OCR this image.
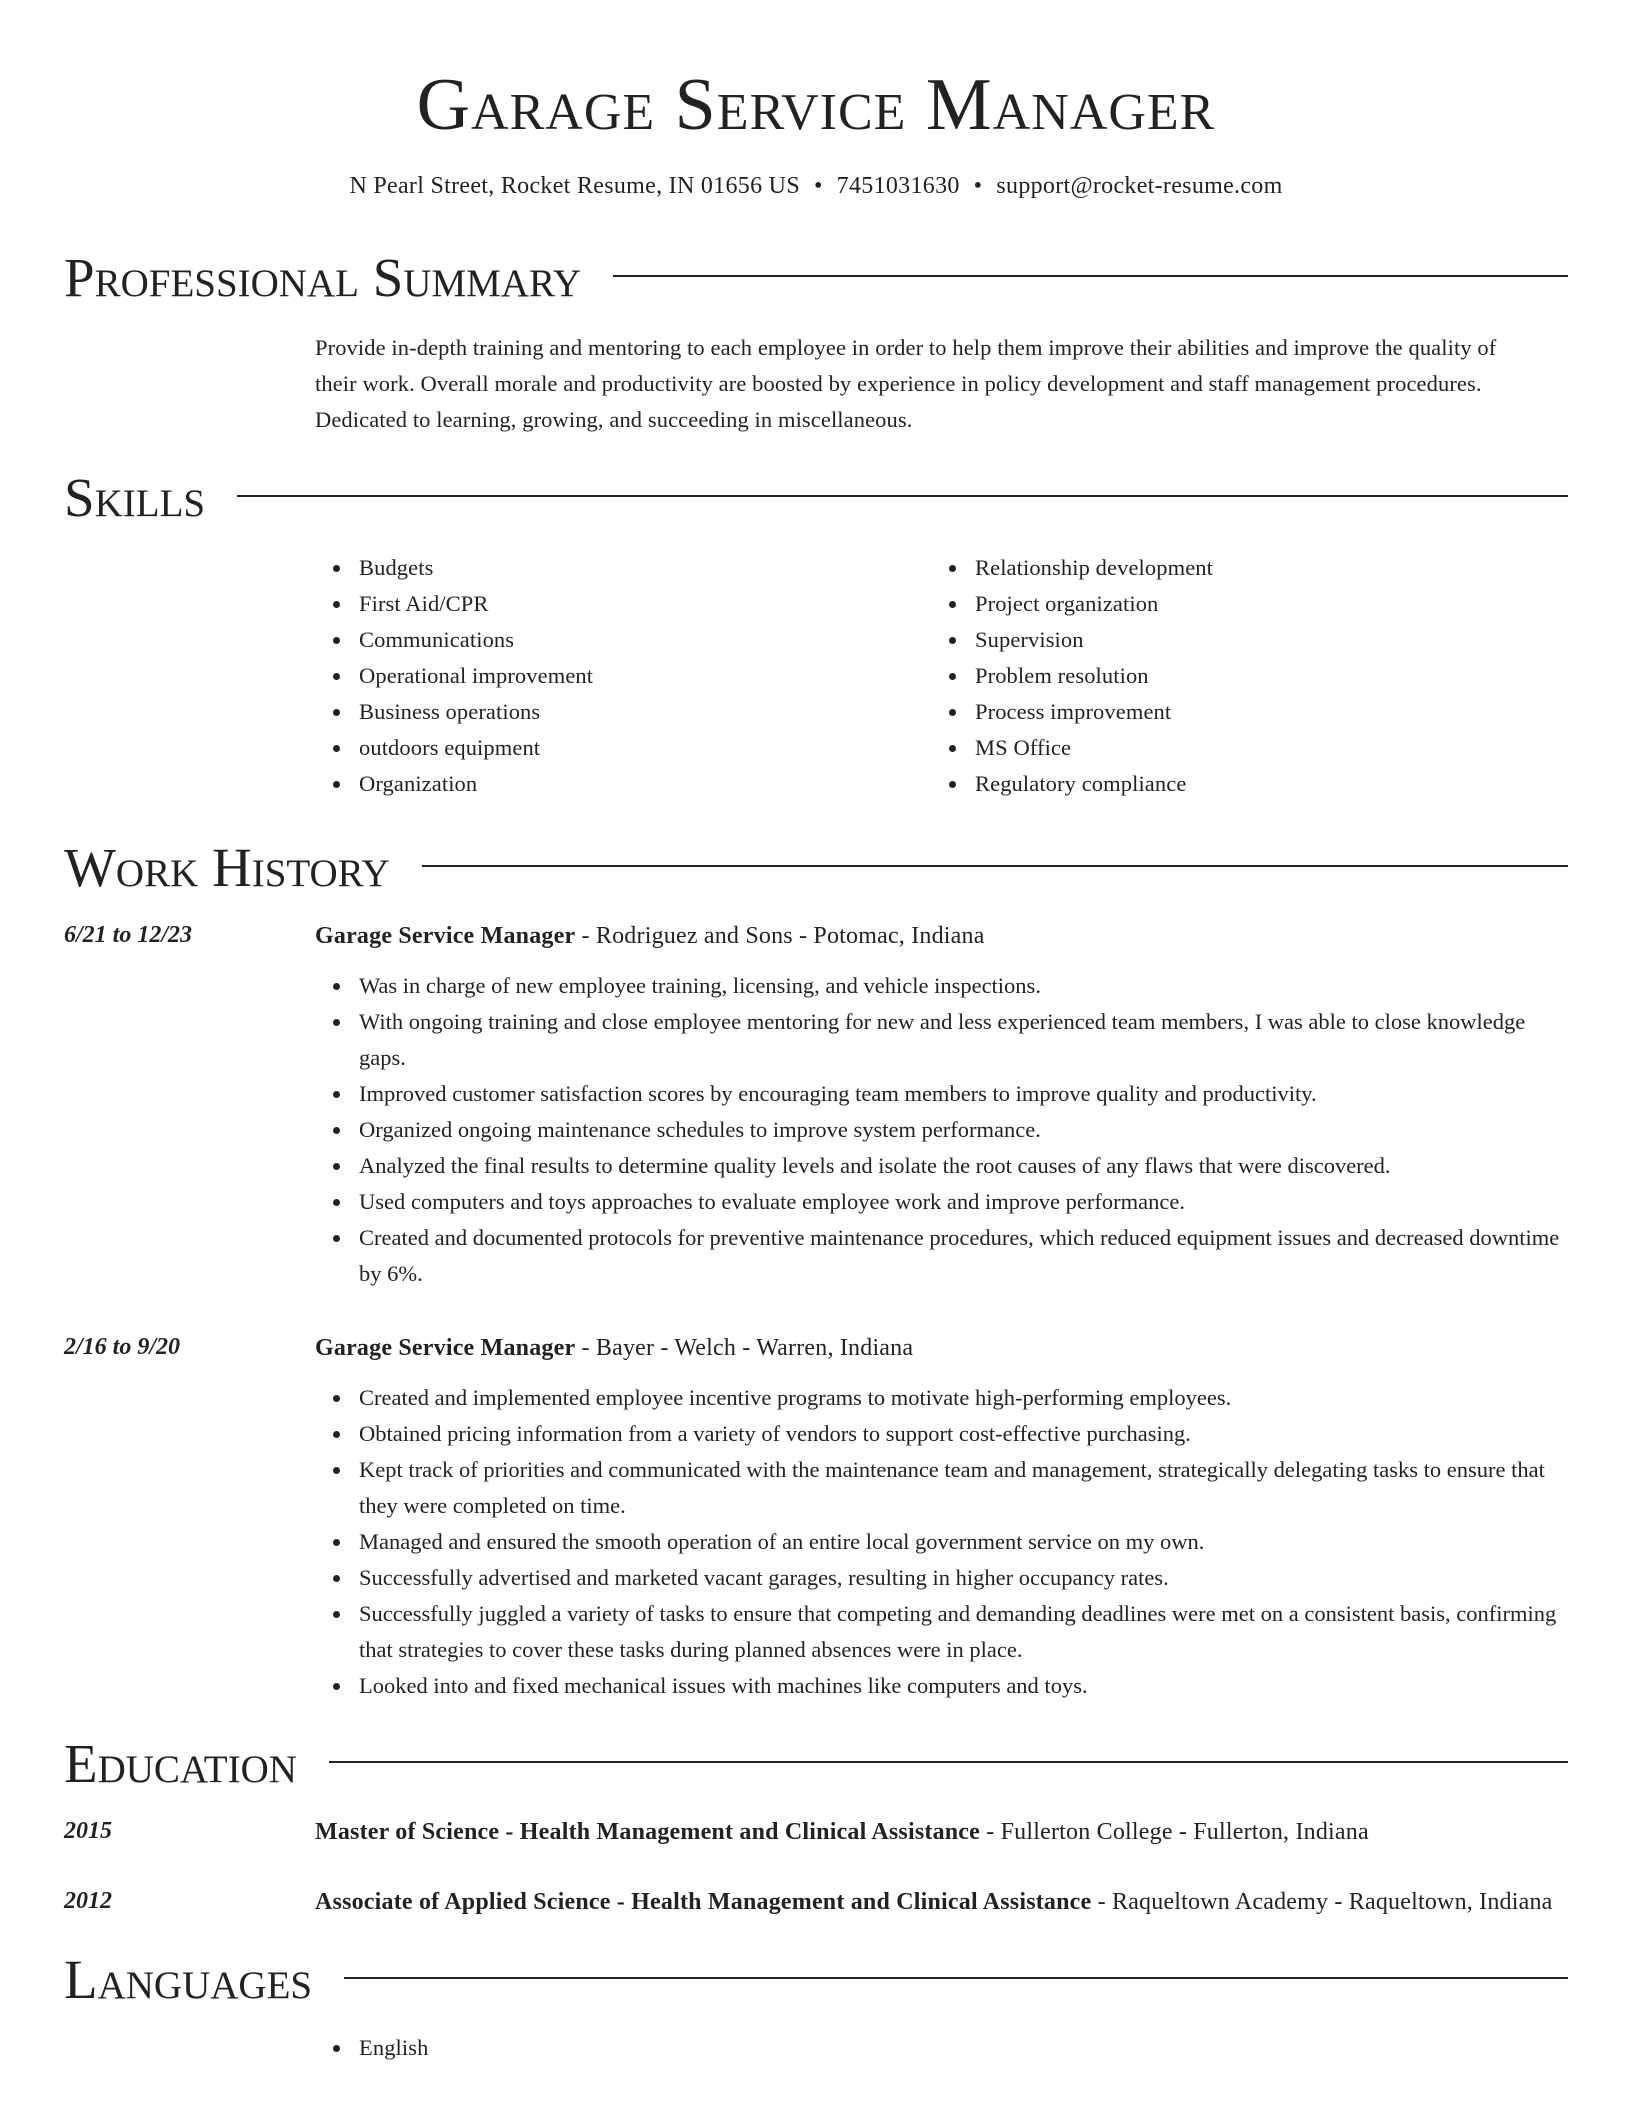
Garage Service Manager
N Pearl Street, Rocket Resume, IN 01656 US • 7451031630 • support@rocket-resume.com
Professional Summary
Provide in-depth training and mentoring to each employee in order to help them improve their abilities and improve the quality of their work. Overall morale and productivity are boosted by experience in policy development and staff management procedures. Dedicated to learning, growing, and succeeding in miscellaneous.
Skills
Budgets
First Aid/CPR
Communications
Operational improvement
Business operations
outdoors equipment
Organization
Relationship development
Project organization
Supervision
Problem resolution
Process improvement
MS Office
Regulatory compliance
Work History
6/21 to 12/23	Garage Service Manager - Rodriguez and Sons - Potomac, Indiana
Was in charge of new employee training, licensing, and vehicle inspections.
With ongoing training and close employee mentoring for new and less experienced team members, I was able to close knowledge gaps.
Improved customer satisfaction scores by encouraging team members to improve quality and productivity.
Organized ongoing maintenance schedules to improve system performance.
Analyzed the final results to determine quality levels and isolate the root causes of any flaws that were discovered.
Used computers and toys approaches to evaluate employee work and improve performance.
Created and documented protocols for preventive maintenance procedures, which reduced equipment issues and decreased downtime by 6%.
2/16 to 9/20	Garage Service Manager - Bayer - Welch - Warren, Indiana
Created and implemented employee incentive programs to motivate high-performing employees.
Obtained pricing information from a variety of vendors to support cost-effective purchasing.
Kept track of priorities and communicated with the maintenance team and management, strategically delegating tasks to ensure that they were completed on time.
Managed and ensured the smooth operation of an entire local government service on my own.
Successfully advertised and marketed vacant garages, resulting in higher occupancy rates.
Successfully juggled a variety of tasks to ensure that competing and demanding deadlines were met on a consistent basis, confirming that strategies to cover these tasks during planned absences were in place.
Looked into and fixed mechanical issues with machines like computers and toys.
Education
2015	Master of Science - Health Management and Clinical Assistance - Fullerton College - Fullerton, Indiana
2012	Associate of Applied Science - Health Management and Clinical Assistance - Raqueltown Academy - Raqueltown, Indiana
Languages
English
